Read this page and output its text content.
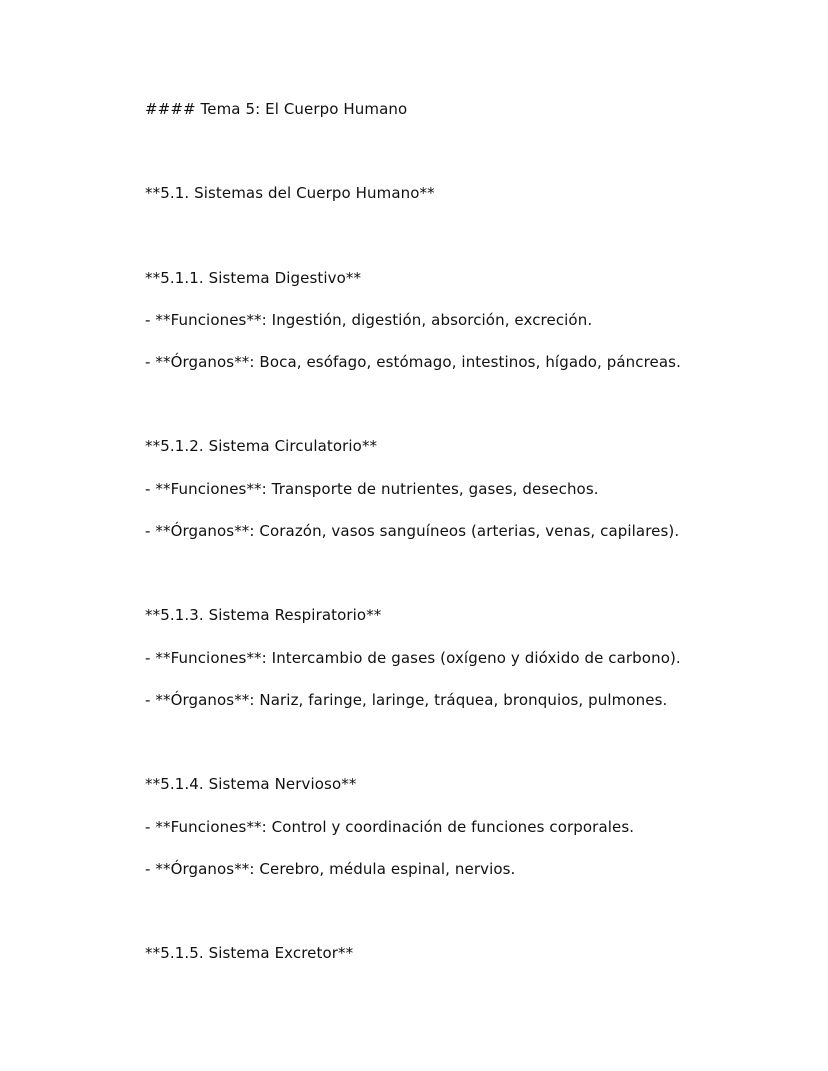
#### Tema 5: El Cuerpo Humano
**5.1. Sistemas del Cuerpo Humano**
**5.1.1. Sistema Digestivo**
- **Funciones**: Ingestión, digestión, absorción, excreción.
- **Órganos**: Boca, esófago, estómago, intestinos, hígado, páncreas.
**5.1.2. Sistema Circulatorio**
- **Funciones**: Transporte de nutrientes, gases, desechos.
- **Órganos**: Corazón, vasos sanguíneos (arterias, venas, capilares).
**5.1.3. Sistema Respiratorio**
- **Funciones**: Intercambio de gases (oxígeno y dióxido de carbono).
- **Órganos**: Nariz, faringe, laringe, tráquea, bronquios, pulmones.
**5.1.4. Sistema Nervioso**
- **Funciones**: Control y coordinación de funciones corporales.
- **Órganos**: Cerebro, médula espinal, nervios.
**5.1.5. Sistema Excretor**
